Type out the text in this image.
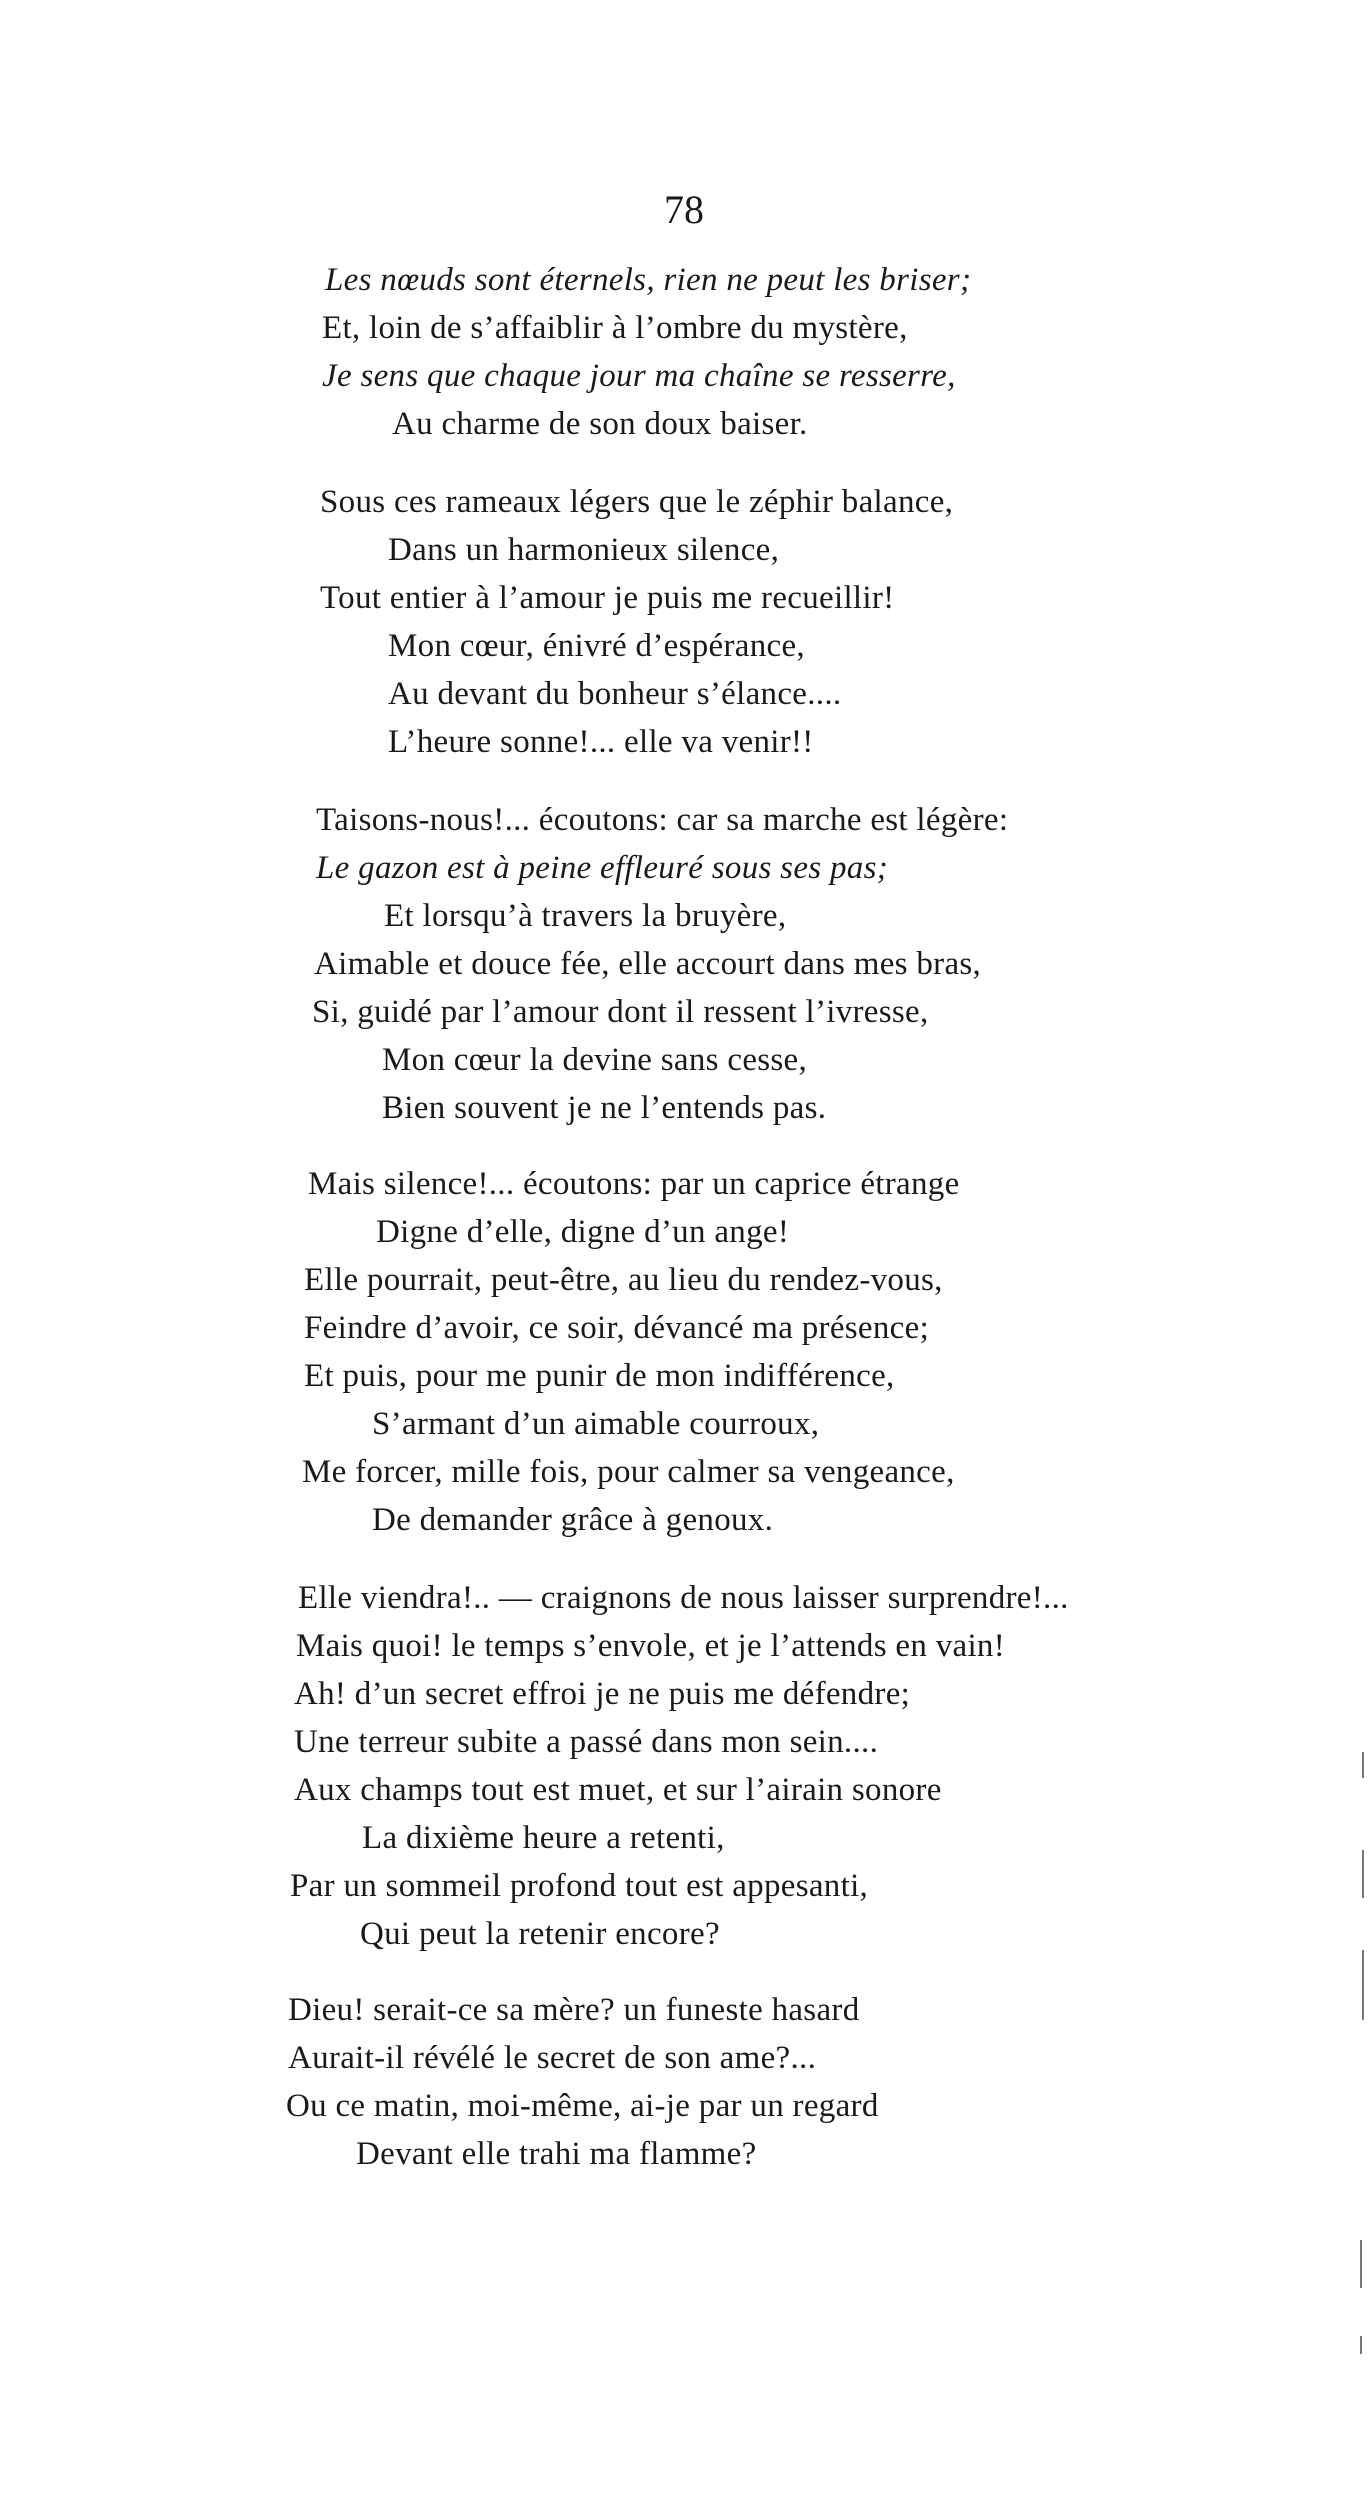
78
Les nœuds sont éternels, rien ne peut les briser;
Et, loin de s’affaiblir à l’ombre du mystère,
Je sens que chaque jour ma chaîne se resserre,
Au charme de son doux baiser.
Sous ces rameaux légers que le zéphir balance,
Dans un harmonieux silence,
Tout entier à l’amour je puis me recueillir!
Mon cœur, énivré d’espérance,
Au devant du bonheur s’élance....
L’heure sonne!... elle va venir!!
Taisons-nous!... écoutons: car sa marche est légère:
Le gazon est à peine effleuré sous ses pas;
Et lorsqu’à travers la bruyère,
Aimable et douce fée, elle accourt dans mes bras,
Si, guidé par l’amour dont il ressent l’ivresse,
Mon cœur la devine sans cesse,
Bien souvent je ne l’entends pas.
Mais silence!... écoutons: par un caprice étrange
Digne d’elle, digne d’un ange!
Elle pourrait, peut-être, au lieu du rendez-vous,
Feindre d’avoir, ce soir, dévancé ma présence;
Et puis, pour me punir de mon indifférence,
S’armant d’un aimable courroux,
Me forcer, mille fois, pour calmer sa vengeance,
De demander grâce à genoux.
Elle viendra!.. — craignons de nous laisser surprendre!...
Mais quoi! le temps s’envole, et je l’attends en vain!
Ah! d’un secret effroi je ne puis me défendre;
Une terreur subite a passé dans mon sein....
Aux champs tout est muet, et sur l’airain sonore
La dixième heure a retenti,
Par un sommeil profond tout est appesanti,
Qui peut la retenir encore?
Dieu! serait-ce sa mère? un funeste hasard
Aurait-il révélé le secret de son ame?...
Ou ce matin, moi-même, ai-je par un regard
Devant elle trahi ma flamme?
